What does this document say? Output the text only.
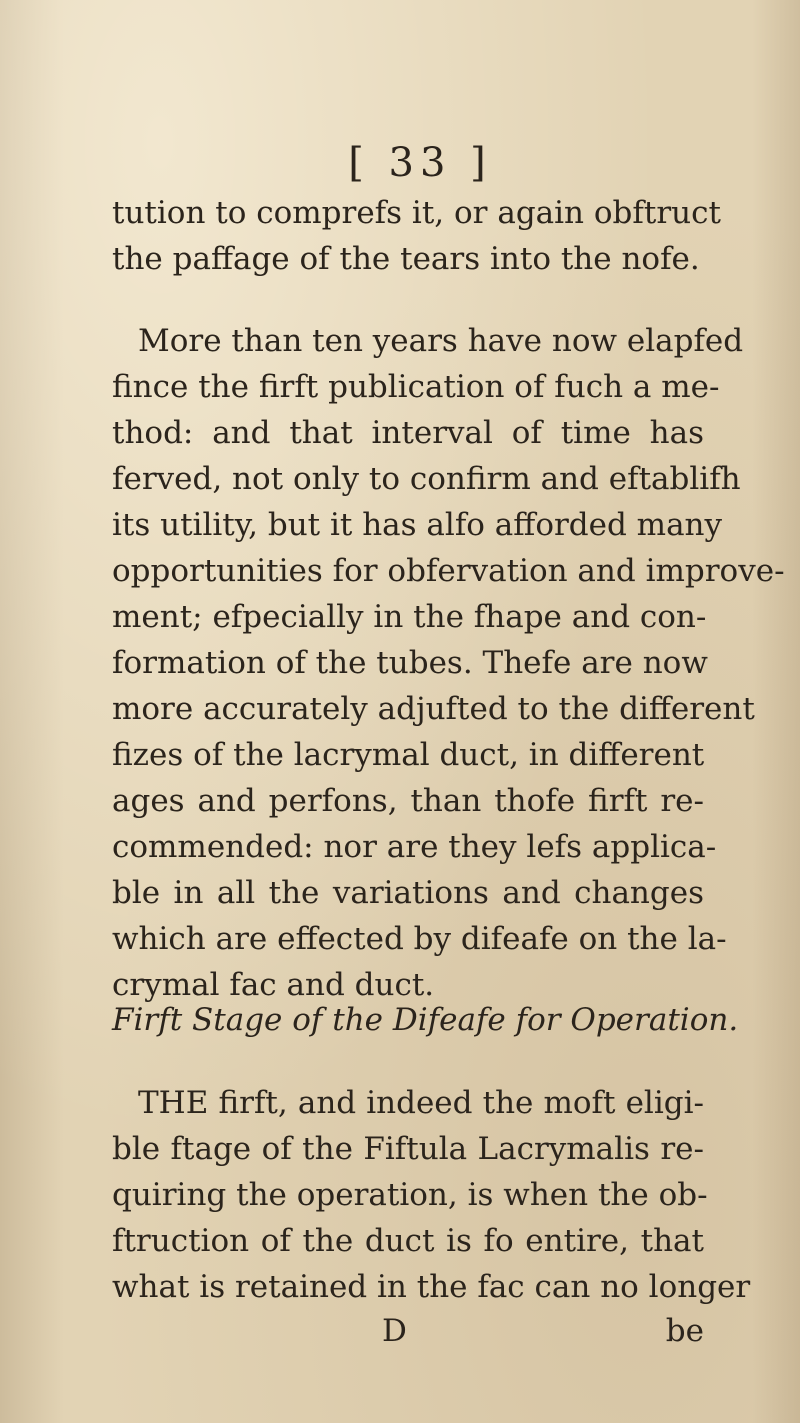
[ 33 ]
tution to comprefs it, or again obftruct
the paffage of the tears into the nofe.
More than ten years have now elapfed
fince the firft publication of fuch a me-
thod: and that interval of time has
ferved, not only to confirm and eftablifh
its utility, but it has alfo afforded many
opportunities for obfervation and improve-
ment; efpecially in the fhape and con-
formation of the tubes. Thefe are now
more accurately adjufted to the different
fizes of the lacrymal duct, in different
ages and perfons, than thofe firft re-
commended: nor are they lefs applica-
ble in all the variations and changes
which are effected by difeafe on the la-
crymal fac and duct.
Firft Stage of the Difeafe for Operation.
THE firft, and indeed the moft eligi-
ble ftage of the Fiftula Lacrymalis re-
quiring the operation, is when the ob-
ftruction of the duct is fo entire, that
what is retained in the fac can no longer
D	be
